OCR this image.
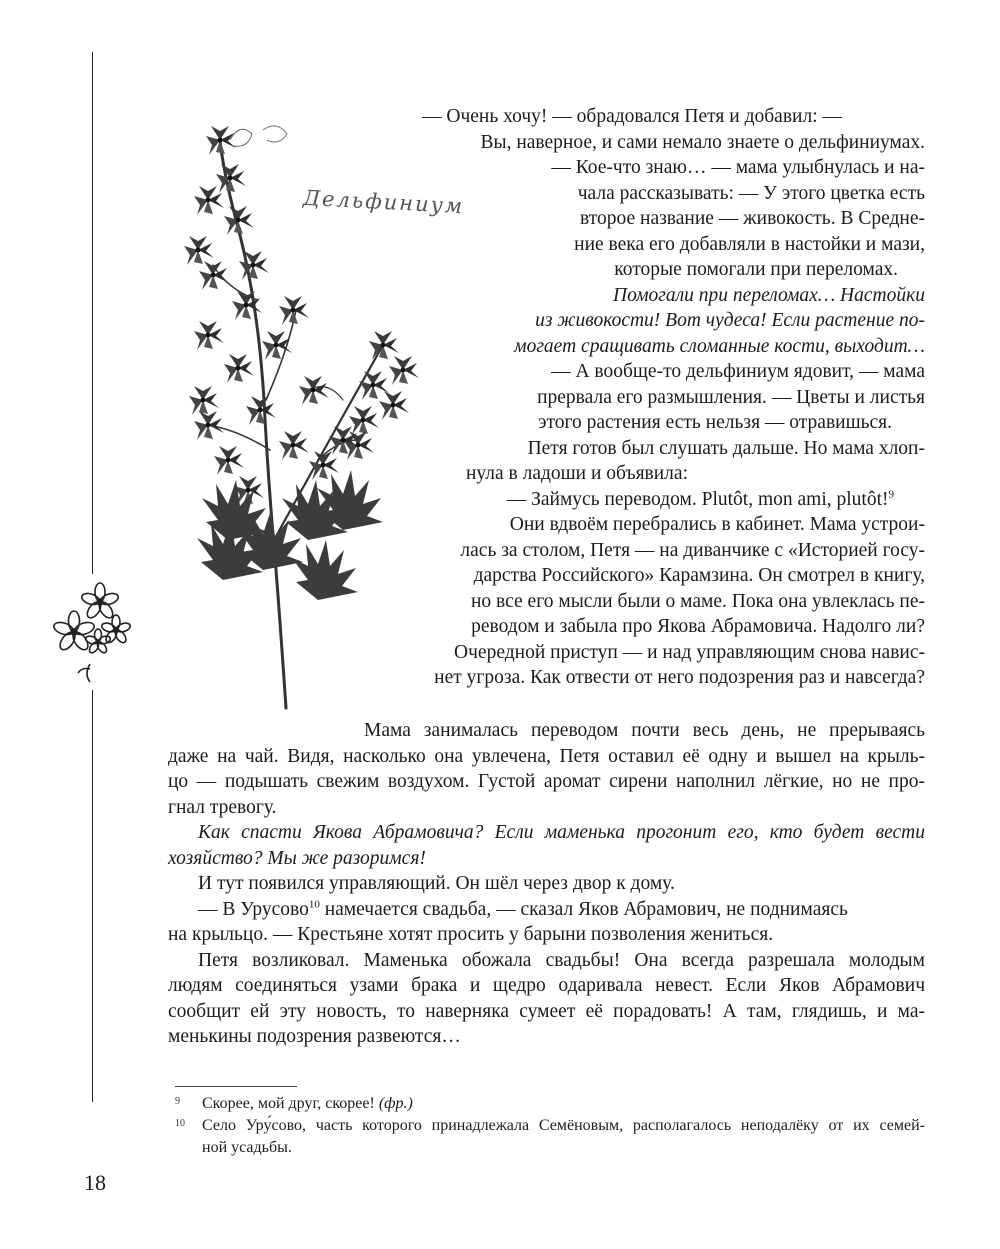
Дельфиниум
— Очень хочу! — обрадовался Петя и добавил: —
Вы, наверное, и сами немало знаете о дельфиниумах.
— Кое-что знаю… — мама улыбнулась и на-
чала рассказывать: — У этого цветка есть
второе название — живокость. В Средне-
ние века его добавляли в настойки и мази,
которые помогали при переломах.
Помогали при переломах… Настойки
из живокости! Вот чудеса! Если растение по-
могает сращивать сломанные кости, выходит…
— А вообще-то дельфиниум ядовит, — мама
прервала его размышления. — Цветы и листья
этого растения есть нельзя — отравишься.
Петя готов был слушать дальше. Но мама хлоп-
нула в ладоши и объявила:
— Займусь переводом. Plutôt, mon ami, plutôt!$^9$
Они вдвоём перебрались в кабинет. Мама устрои-
лась за столом, Петя — на диванчике с «Историей госу-
дарства Российского» Карамзина. Он смотрел в книгу,
но все его мысли были о маме. Пока она увлеклась пе-
реводом и забыла про Якова Абрамовича. Надолго ли?
Очередной приступ — и над управляющим снова навис-
нет угроза. Как отвести от него подозрения раз и навсегда?

Мама занималась переводом почти весь день, не прерываясь

даже на чай. Видя, насколько она увлечена, Петя оставил её одну и вышел на крыль-

цо — подышать свежим воздухом. Густой аромат сирени наполнил лёгкие, но не про-

гнал тревогу.

Как спасти Якова Абрамовича? Если маменька прогонит его, кто будет вести

хозяйство? Мы же разоримся!

И тут появился управляющий. Он шёл через двор к дому.

— В Урусово$^{10}$ намечается свадьба, — сказал Яков Абрамович, не поднимаясь

на крыльцо. — Крестьяне хотят просить у барыни позволения жениться.

Петя возликовал. Маменька обожала свадьбы! Она всегда разрешала молодым

людям соединяться узами брака и щедро одаривала невест. Если Яков Абрамович

сообщит ей эту новость, то наверняка сумеет её порадовать! А там, глядишь, и ма-

менькины подозрения развеются…

9 Скорее, мой друг, скорее! (фр.)
10 Село Уру́сово, часть которого принадлежала Семёновым, располагалось неподалёку от их семей-
ной усадьбы.
18
